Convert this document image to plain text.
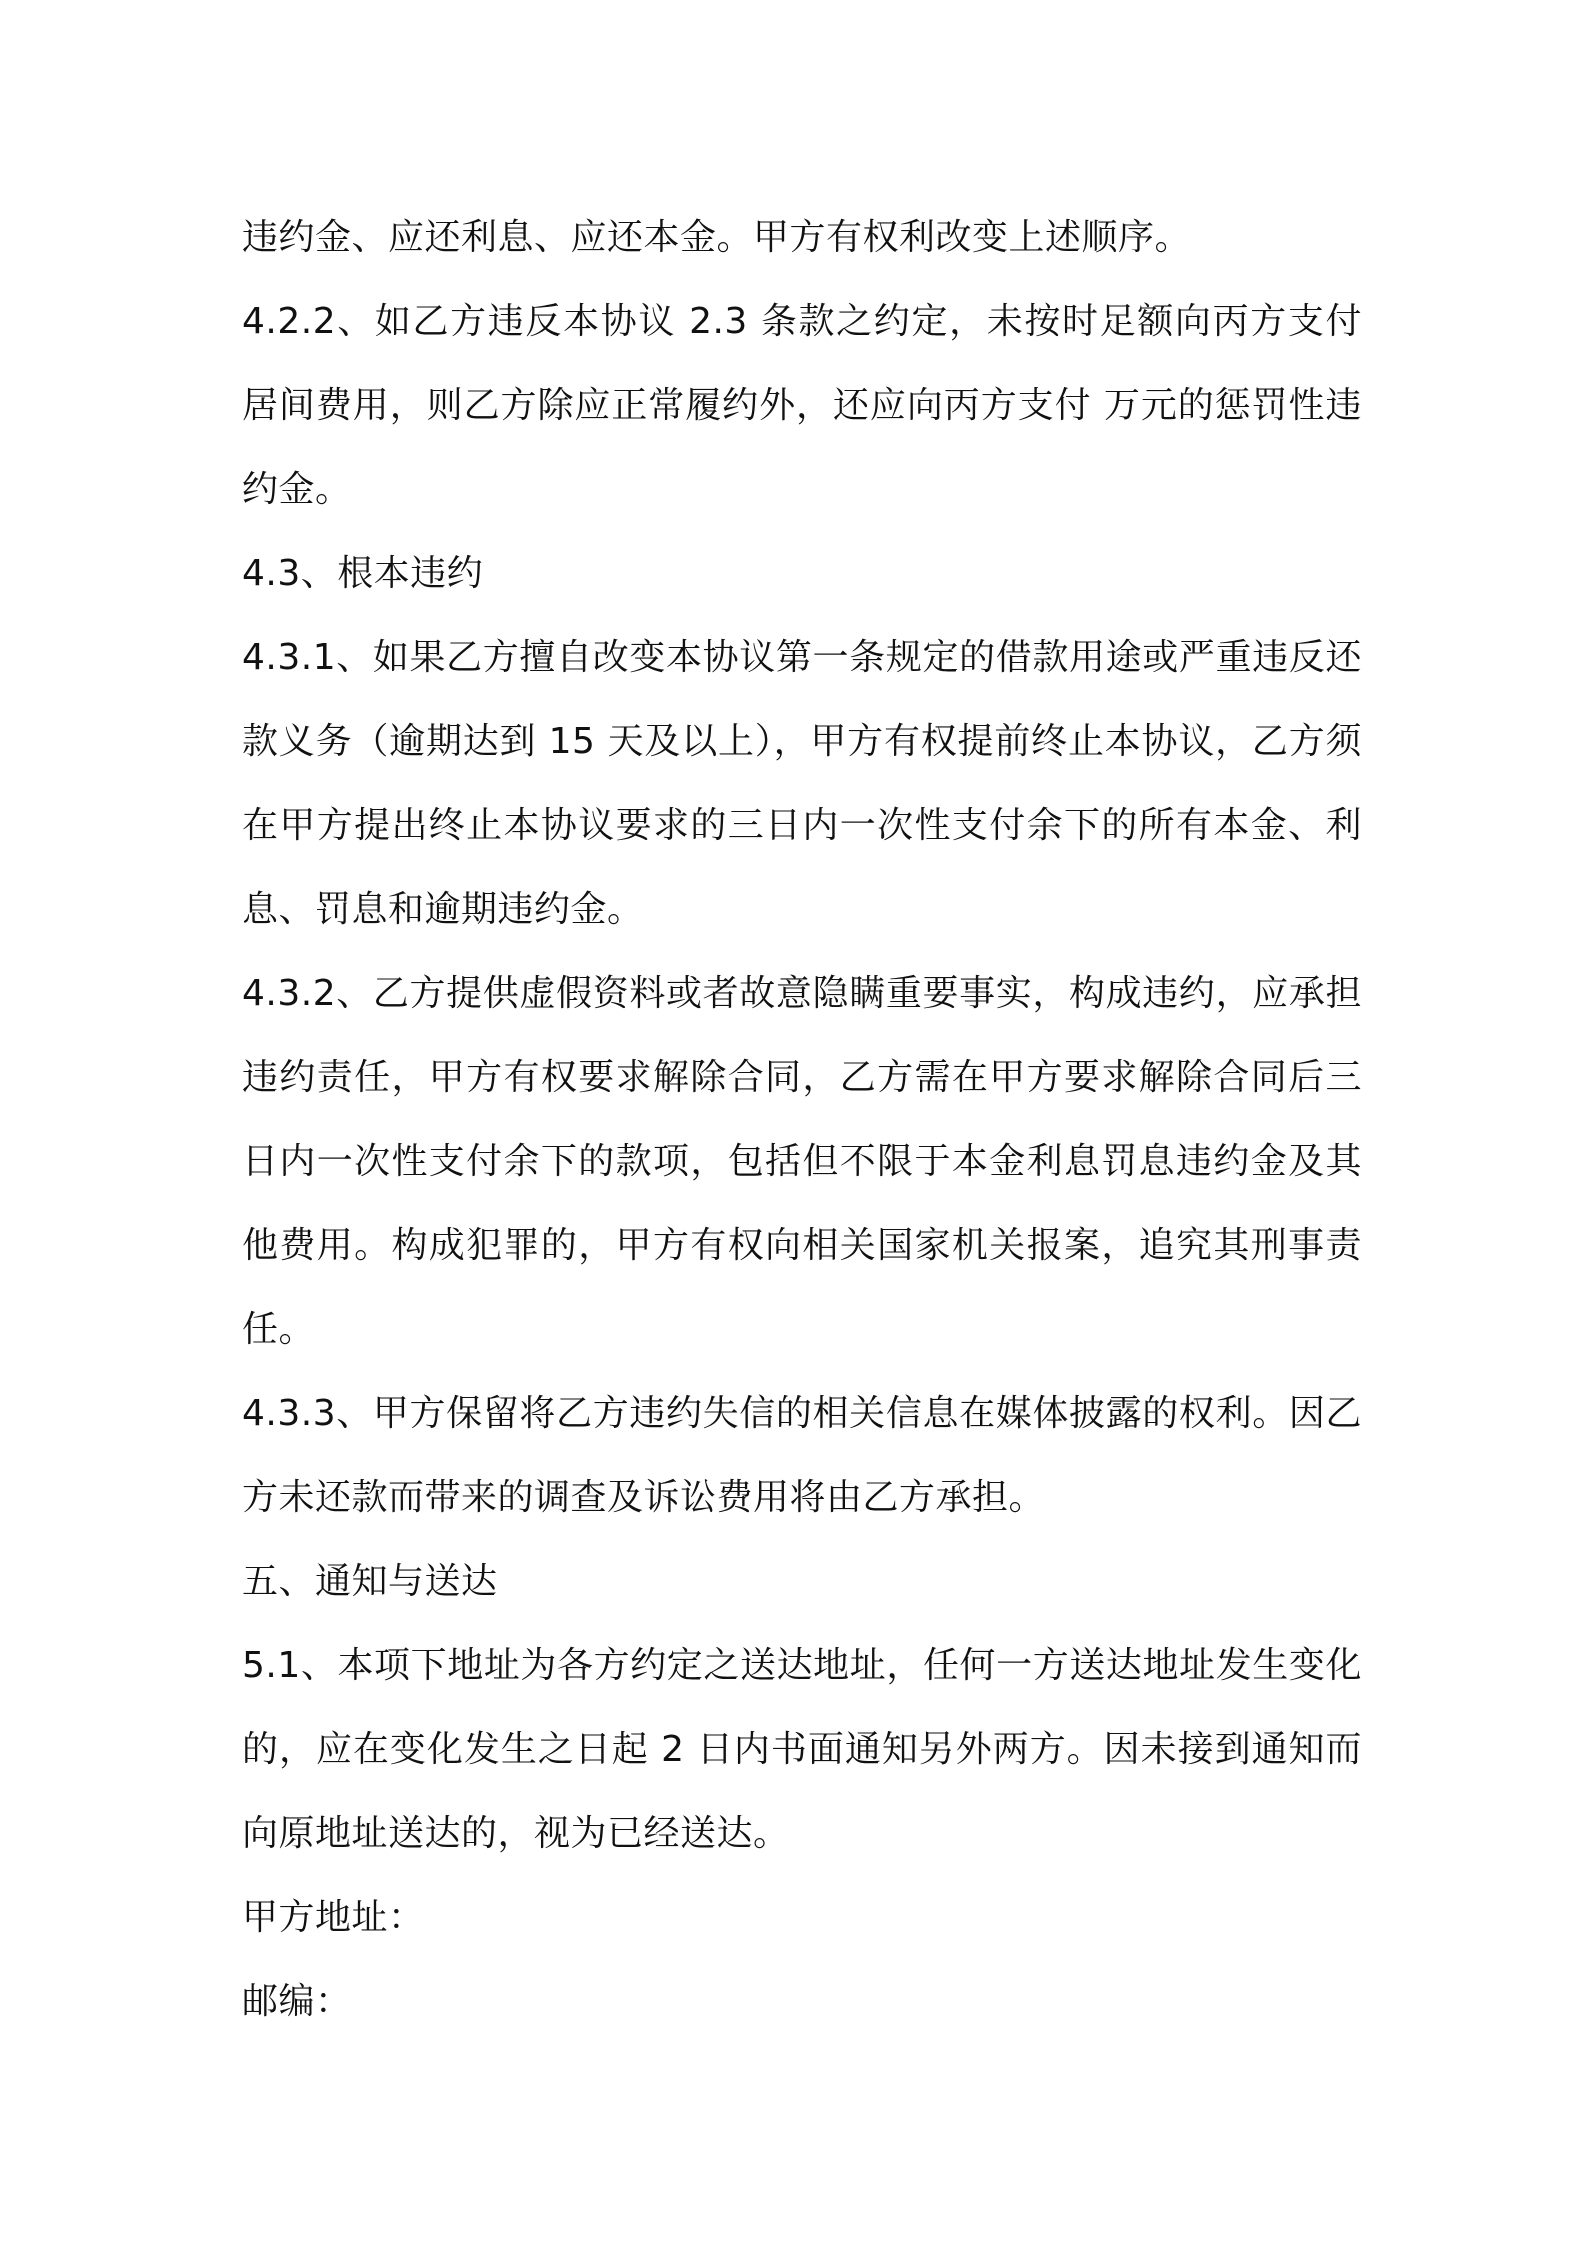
违约金、应还利息、应还本金。甲方有权利改变上述顺序。

4.2.2、如乙方违反本协议 2.3 条款之约定，未按时足额向丙方支付居间费用，则乙方除应正常履约外，还应向丙方支付 万元的惩罚性违约金。

4.3、根本违约

4.3.1、如果乙方擅自改变本协议第一条规定的借款用途或严重违反还款义务（逾期达到 15 天及以上），甲方有权提前终止本协议，乙方须在甲方提出终止本协议要求的三日内一次性支付余下的所有本金、利息、罚息和逾期违约金。

4.3.2、乙方提供虚假资料或者故意隐瞒重要事实，构成违约，应承担违约责任，甲方有权要求解除合同，乙方需在甲方要求解除合同后三日内一次性支付余下的款项，包括但不限于本金利息罚息违约金及其他费用。构成犯罪的，甲方有权向相关国家机关报案，追究其刑事责任。

4.3.3、甲方保留将乙方违约失信的相关信息在媒体披露的权利。因乙方未还款而带来的调查及诉讼费用将由乙方承担。

五、通知与送达

5.1、本项下地址为各方约定之送达地址，任何一方送达地址发生变化的，应在变化发生之日起 2 日内书面通知另外两方。因未接到通知而向原地址送达的，视为已经送达。

甲方地址：

邮编：
